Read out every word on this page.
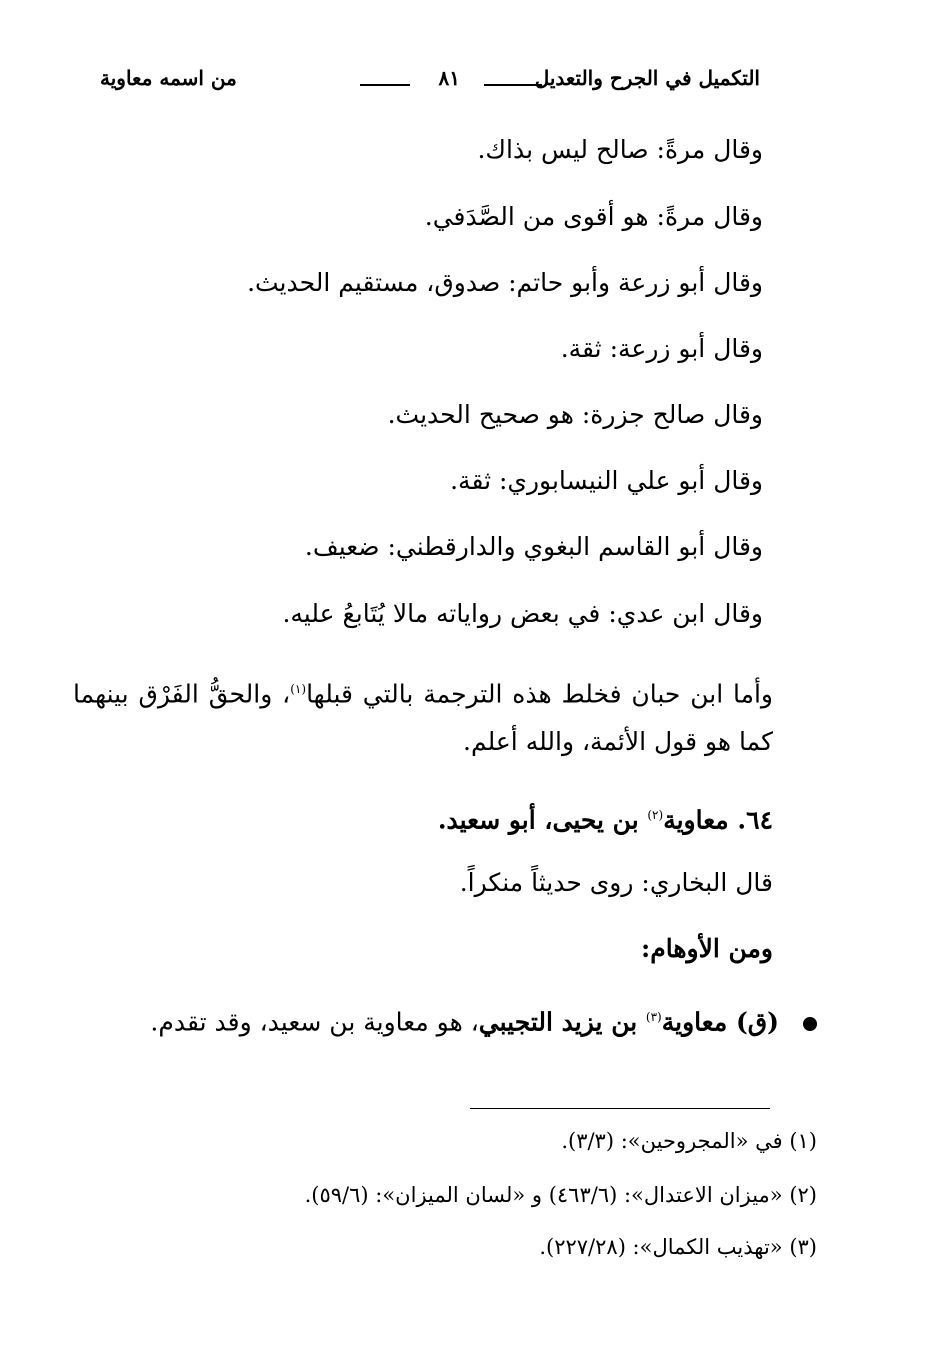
التكميل في الجرح والتعديل
٨١
من اسمه معاوية
وقال مرةً: صالح ليس بذاك.
وقال مرةً: هو أقوى من الصَّدَفي.
وقال أبو زرعة وأبو حاتم: صدوق، مستقيم الحديث.
وقال أبو زرعة: ثقة.
وقال صالح جزرة: هو صحيح الحديث.
وقال أبو علي النيسابوري: ثقة.
وقال أبو القاسم البغوي والدارقطني: ضعيف.
وقال ابن عدي: في بعض رواياته مالا يُتَابعُ عليه.
وأما ابن حبان فخلط هذه الترجمة بالتي قبلها$^{(١)}$، والحقُّ الفَرْق بينهما كما هو قول الأئمة، والله أعلم.
٦٤. معاوية$^{(٢)}$ بن يحيى، أبو سعيد.
قال البخاري: روى حديثاً منكراً.
ومن الأوهام:
(ق) معاوية$^{(٣)}$ بن يزيد التجيبي، هو معاوية بن سعيد، وقد تقدم.
(١) في «المجروحين»: (٣/٣).
(٢) «ميزان الاعتدال»: (٤٦٣/٦) و «لسان الميزان»: (٥٩/٦).
(٣) «تهذيب الكمال»: (٢٢٧/٢٨).
